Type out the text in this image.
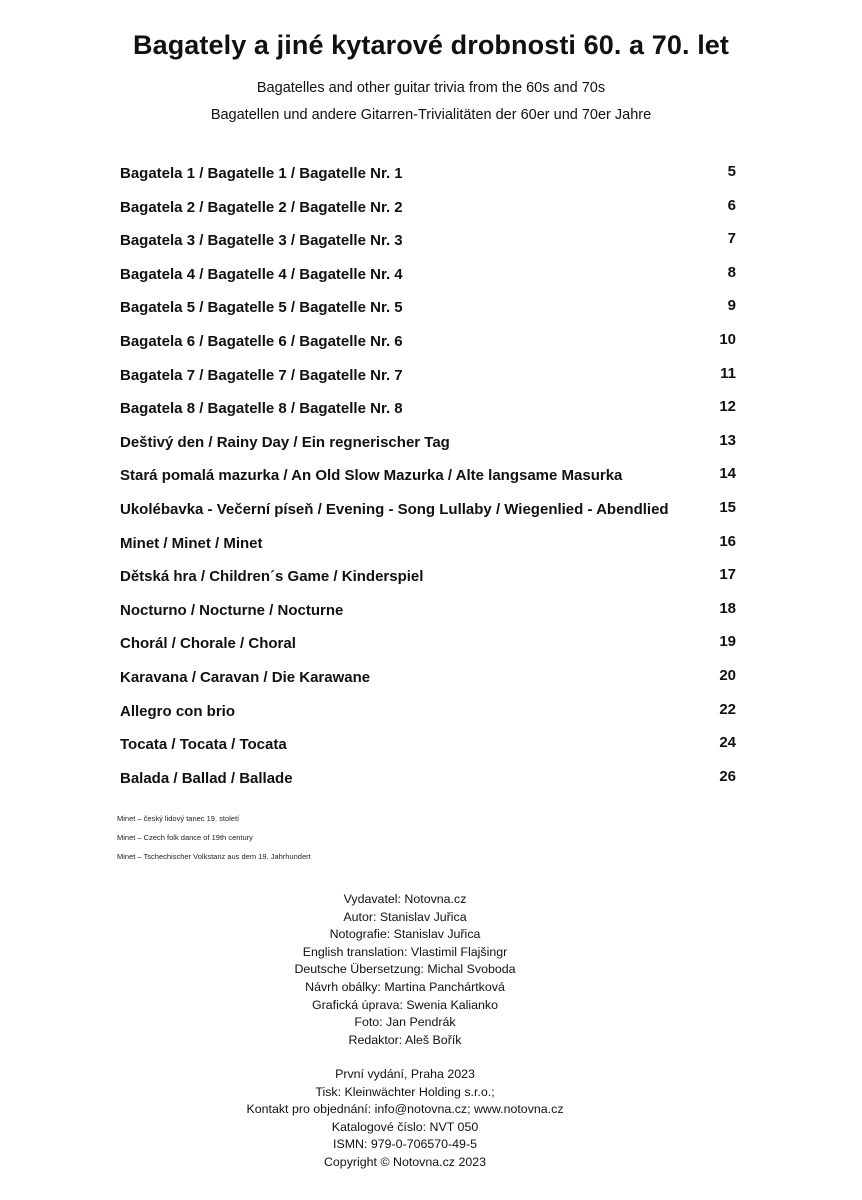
Bagately a jiné kytarové drobnosti 60. a 70. let
Bagatelles and other guitar trivia from the 60s and 70s
Bagatellen und andere Gitarren-Trivialitäten der 60er und 70er Jahre
Bagatela 1 / Bagatelle 1 / Bagatelle Nr. 1	5
Bagatela 2 / Bagatelle 2 / Bagatelle Nr. 2	6
Bagatela 3 / Bagatelle 3 / Bagatelle Nr. 3	7
Bagatela 4 / Bagatelle 4 / Bagatelle Nr. 4	8
Bagatela 5 / Bagatelle 5 / Bagatelle Nr. 5	9
Bagatela 6 / Bagatelle 6 / Bagatelle Nr. 6	10
Bagatela 7 / Bagatelle 7 / Bagatelle Nr. 7	11
Bagatela 8 / Bagatelle 8 / Bagatelle Nr. 8	12
Deštivý den / Rainy Day / Ein regnerischer Tag	13
Stará pomalá mazurka / An Old Slow Mazurka / Alte langsame Masurka	14
Ukolébavka - Večerní píseň / Evening - Song Lullaby / Wiegenlied - Abendlied	15
Minet / Minet / Minet	16
Dětská hra / Children´s Game / Kinderspiel	17
Nocturno / Nocturne / Nocturne	18
Chorál / Chorale / Choral	19
Karavana / Caravan / Die Karawane	20
Allegro con brio	22
Tocata / Tocata / Tocata	24
Balada / Ballad / Ballade	26
Minet – český lidový tanec 19. století
Minet – Czech folk dance of 19th century
Minet – Tschechischer Volkstanz aus dem 19. Jahrhundert
Vydavatel: Notovna.cz
Autor: Stanislav Juřica
Notografie: Stanislav Juřica
English translation: Vlastimil Flajšingr
Deutsche Übersetzung: Michal Svoboda
Návrh obálky: Martina Panchártková
Grafická úprava: Swenia Kalianko
Foto: Jan Pendrák
Redaktor: Aleš Bořík
První vydání, Praha 2023
Tisk: Kleinwächter Holding s.r.o.;
Kontakt pro objednání: info@notovna.cz; www.notovna.cz
Katalogové číslo: NVT 050
ISMN: 979-0-706570-49-5
Copyright © Notovna.cz 2023
